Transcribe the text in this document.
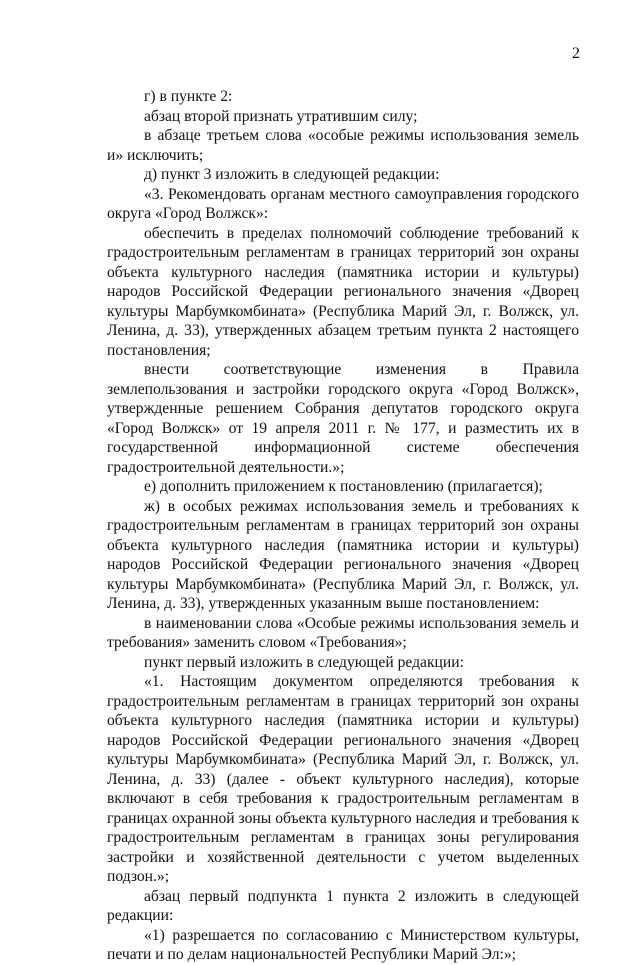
2

г) в пункте 2:

абзац второй признать утратившим силу;

в абзаце третьем слова «особые режимы использования земель и» исключить;

д) пункт 3 изложить в следующей редакции:

«3. Рекомендовать органам местного самоуправления городского округа «Город Волжск»:

обеспечить в пределах полномочий соблюдение требований к градостроительным регламентам в границах территорий зон охраны объекта культурного наследия (памятника истории и культуры) народов Российской Федерации регионального значения «Дворец культуры Марбумкомбината» (Республика Марий Эл, г. Волжск, ул. Ленина, д. 33), утвержденных абзацем третьим пункта 2 настоящего постановления;

внести соответствующие изменения в Правила землепользования и застройки городского округа «Город Волжск», утвержденные решением Собрания депутатов городского округа «Город Волжск» от 19 апреля 2011 г. № 177, и разместить их в государственной информационной системе обеспечения градостроительной деятельности.»;

е) дополнить приложением к постановлению (прилагается);

ж) в особых режимах использования земель и требованиях к градостроительным регламентам в границах территорий зон охраны объекта культурного наследия (памятника истории и культуры) народов Российской Федерации регионального значения «Дворец культуры Марбумкомбината» (Республика Марий Эл, г. Волжск, ул. Ленина, д. 33), утвержденных указанным выше постановлением:

в наименовании слова «Особые режимы использования земель и требования» заменить словом «Требования»;

пункт первый изложить в следующей редакции:

«1. Настоящим документом определяются требования к градостроительным регламентам в границах территорий зон охраны объекта культурного наследия (памятника истории и культуры) народов Российской Федерации регионального значения «Дворец культуры Марбумкомбината» (Республика Марий Эл, г. Волжск, ул. Ленина, д. 33) (далее - объект культурного наследия), которые включают в себя требования к градостроительным регламентам в границах охранной зоны объекта культурного наследия и требования к градостроительным регламентам в границах зоны регулирования застройки и хозяйственной деятельности с учетом выделенных подзон.»;

абзац первый подпункта 1 пункта 2 изложить в следующей редакции:

«1) разрешается по согласованию с Министерством культуры, печати и по делам национальностей Республики Марий Эл:»;
